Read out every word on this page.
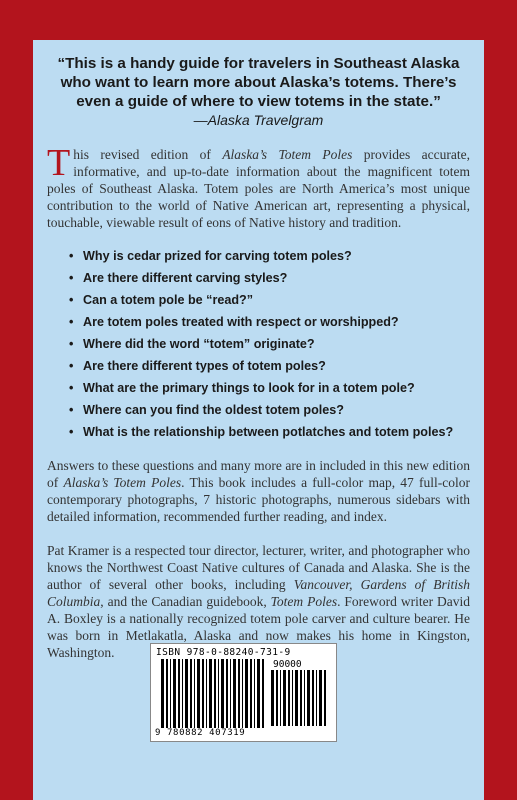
“This is a handy guide for travelers in Southeast Alaska
who want to learn more about Alaska’s totems. There’s
even a guide of where to view totems in the state.”
—Alaska Travelgram
This revised edition of Alaska’s Totem Poles provides accurate, informative, and up-to-date information about the magnificent totem poles of Southeast Alaska. Totem poles are North America’s most unique contribution to the world of Native American art, representing a physical, touchable, viewable result of eons of Native history and tradition.
• Why is cedar prized for carving totem poles?
• Are there different carving styles?
• Can a totem pole be “read?”
• Are totem poles treated with respect or worshipped?
• Where did the word “totem” originate?
• Are there different types of totem poles?
• What are the primary things to look for in a totem pole?
• Where can you find the oldest totem poles?
• What is the relationship between potlatches and totem poles?
Answers to these questions and many more are in included in this new edition of Alaska’s Totem Poles. This book includes a full-color map, 47 full-color contemporary photographs, 7 historic photographs, numerous sidebars with detailed information, recommended further reading, and index.
Pat Kramer is a respected tour director, lecturer, writer, and photographer who knows the Northwest Coast Native cultures of Canada and Alaska. She is the author of several other books, including Vancouver, Gardens of British Columbia, and the Canadian guidebook, Totem Poles. Foreword writer David A. Boxley is a nationally recognized totem pole carver and culture bearer. He was born in Metlakatla, Alaska and now makes his home in Kingston, Washington.	ISBN 978-0-88240-731-9
90000
9 780882 407319
